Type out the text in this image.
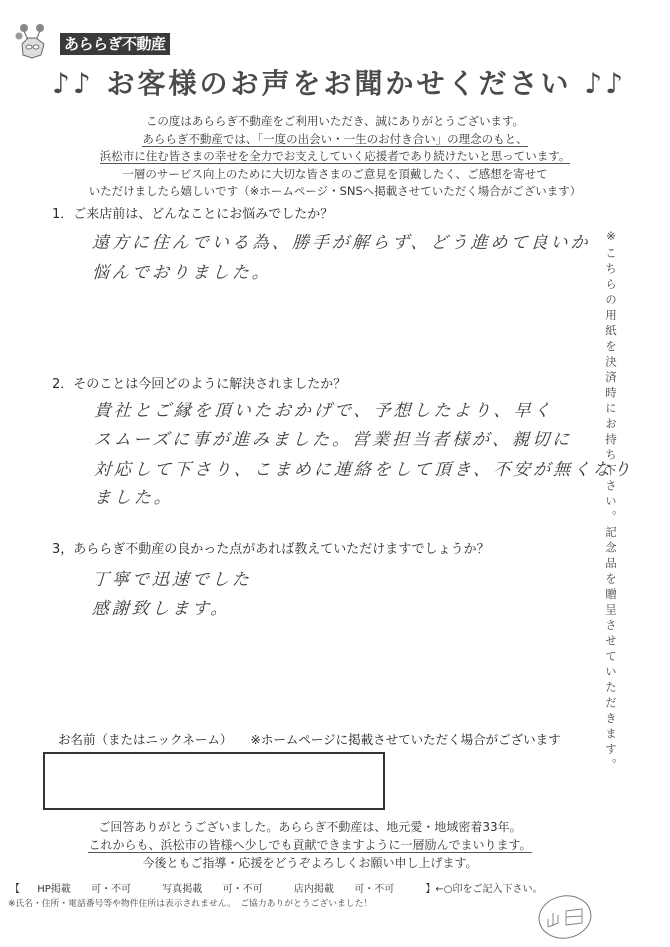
あららぎ不動産
♪♪ お客様のお声をお聞かせください ♪♪
この度はあららぎ不動産をご利用いただき、誠にありがとうございます。
あららぎ不動産では、「一度の出会い・一生のお付き合い」の理念のもと、
浜松市に住む皆さまの幸せを全力でお支えしていく応援者であり続けたいと思っています。
一層のサービス向上のために大切な皆さまのご意見を頂戴したく、ご感想を寄せて
いただけましたら嬉しいです（※ホームページ・SNSへ掲載させていただく場合がございます）
1．ご来店前は、どんなことにお悩みでしたか？
遠方に住んでいる為、勝手が解らず、どう進めて良いか
悩んでおりました。
2．そのことは今回どのように解決されましたか？
貴社とご縁を頂いたおかげで、予想したより、早く
スムーズに事が進みました。営業担当者様が、親切に
対応して下さり、こまめに連絡をして頂き、不安が無くなり
ました。
3，あららぎ不動産の良かった点があれば教えていただけますでしょうか？
丁寧で迅速でした
感謝致します。	※こちらの用紙を決済時にお持ち下さい。記念品を贈呈させていただきます。
お名前（またはニックネーム） ※ホームページに掲載させていただく場合がございます
ご回答ありがとうございました。あららぎ不動産は、地元愛・地域密着33年。
これからも、浜松市の皆様へ少しでも貢献できますように一層励んでまいります。
今後ともご指導・応援をどうぞよろしくお願い申し上げます。
【 HP掲載 可・不可	写真掲載 可・不可	店内掲載 可・不可	】←○印をご記入下さい。
※氏名・住所・電話番号等や物件住所は表示されません。　ご協力ありがとうございました！
